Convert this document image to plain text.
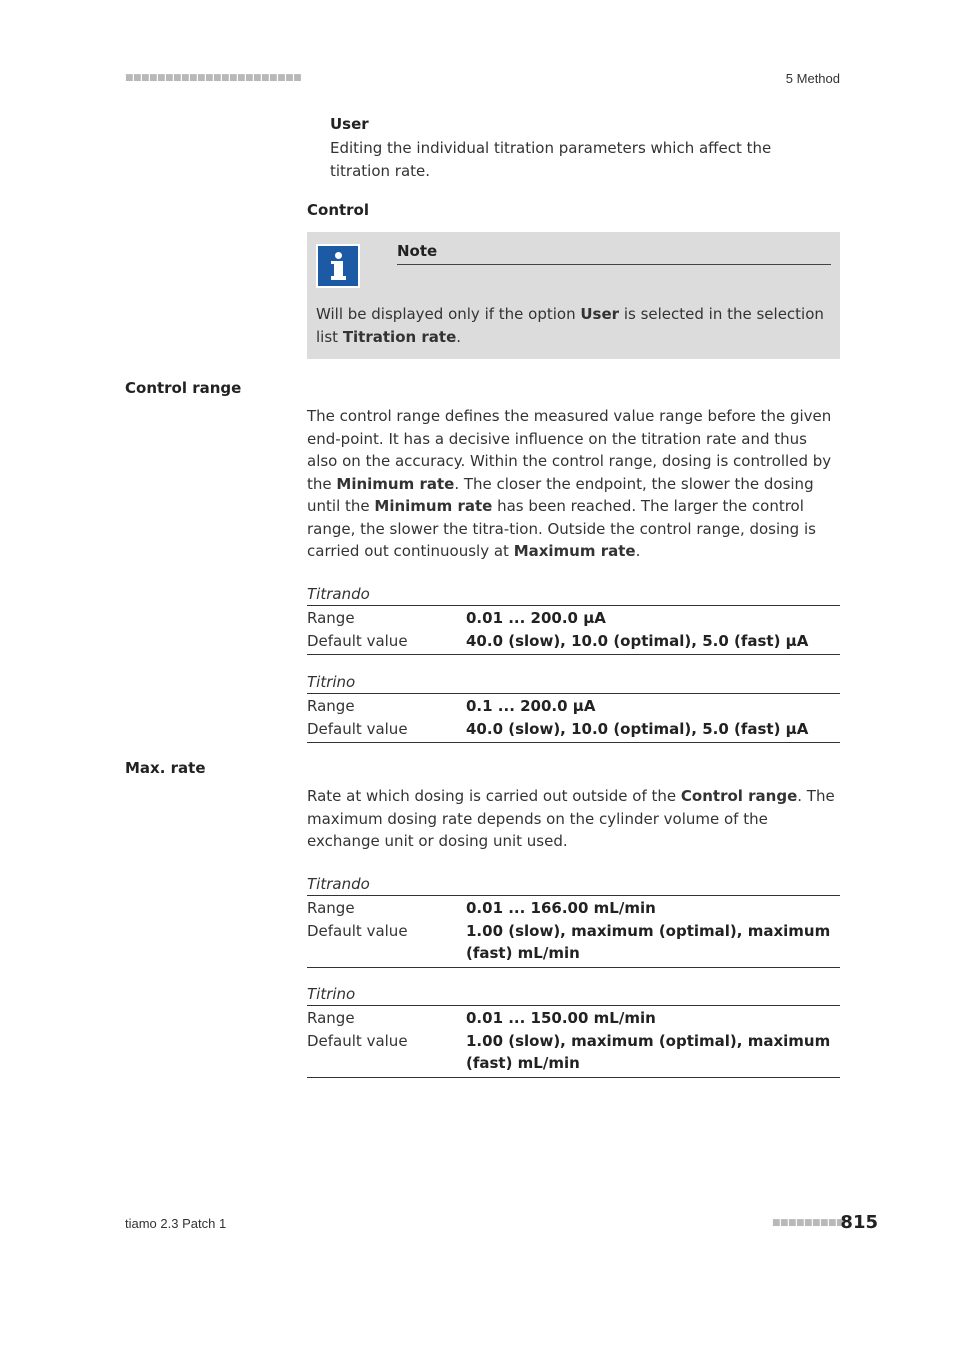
■■■■■■■■■■■■■■■■■■■■■■	5 Method
User
Editing the individual titration parameters which affect the titration rate.
Control
Note
Will be displayed only if the option User is selected in the selection list Titration rate.
Control range
The control range defines the measured value range before the given end-point. It has a decisive influence on the titration rate and thus also on the accuracy. Within the control range, dosing is controlled by the Minimum rate. The closer the endpoint, the slower the dosing until the Minimum rate has been reached. The larger the control range, the slower the titra-tion. Outside the control range, dosing is carried out continuously at Maximum rate.
Titrando
Range	0.01 ... 200.0 µA
Default value	40.0 (slow), 10.0 (optimal), 5.0 (fast) µA
Titrino
Range	0.1 ... 200.0 µA
Default value	40.0 (slow), 10.0 (optimal), 5.0 (fast) µA
Max. rate
Rate at which dosing is carried out outside of the Control range. The maximum dosing rate depends on the cylinder volume of the exchange unit or dosing unit used.
Titrando
Range	0.01 ... 166.00 mL/min
Default value	1.00 (slow), maximum (optimal), maximum (fast) mL/min
Titrino
Range	0.01 ... 150.00 mL/min
Default value	1.00 (slow), maximum (optimal), maximum (fast) mL/min
tiamo 2.3 Patch 1	■■■■■■■■■
815
